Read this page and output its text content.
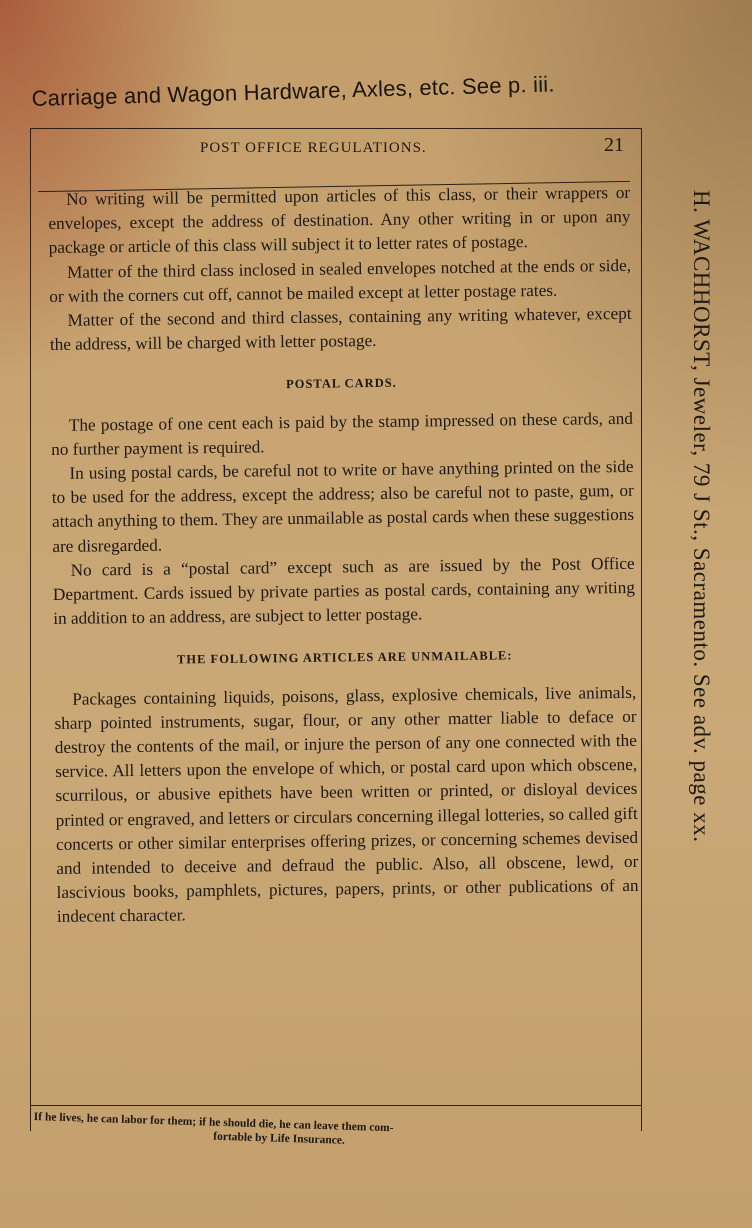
Carriage and Wagon Hardware, Axles, etc. See p. iii.
POST OFFICE REGULATIONS.	21

No writing will be permitted upon articles of this class, or their wrappers or envelopes, except the address of destination. Any other writing in or upon any package or article of this class will subject it to letter rates of postage.

Matter of the third class inclosed in sealed envelopes notched at the ends or side, or with the corners cut off, cannot be mailed except at letter postage rates.

Matter of the second and third classes, containing any writing whatever, except the address, will be charged with letter postage.

POSTAL CARDS.

The postage of one cent each is paid by the stamp impressed on these cards, and no further payment is required.

In using postal cards, be careful not to write or have anything printed on the side to be used for the address, except the address; also be careful not to paste, gum, or attach anything to them. They are unmailable as postal cards when these suggestions are disregarded.

No card is a “postal card” except such as are issued by the Post Office Department. Cards issued by private parties as postal cards, containing any writing in addition to an address, are subject to letter postage.

THE FOLLOWING ARTICLES ARE UNMAILABLE:

Packages containing liquids, poisons, glass, explosive chemicals, live animals, sharp pointed instruments, sugar, flour, or any other matter liable to deface or destroy the contents of the mail, or injure the person of any one connected with the service. All letters upon the envelope of which, or postal card upon which obscene, scurrilous, or abusive epithets have been written or printed, or disloyal devices printed or engraved, and letters or circulars concerning illegal lotteries, so called gift concerts or other similar enterprises offering prizes, or concerning schemes devised and intended to deceive and defraud the public. Also, all obscene, lewd, or lascivious books, pamphlets, pictures, papers, prints, or other publications of an indecent character.

H. WACHHORST, Jeweler, 79 J St., Sacramento. See adv. page xx.
If he lives, he can labor for them; if he should die, he can leave them com-
fortable by Life Insurance.
